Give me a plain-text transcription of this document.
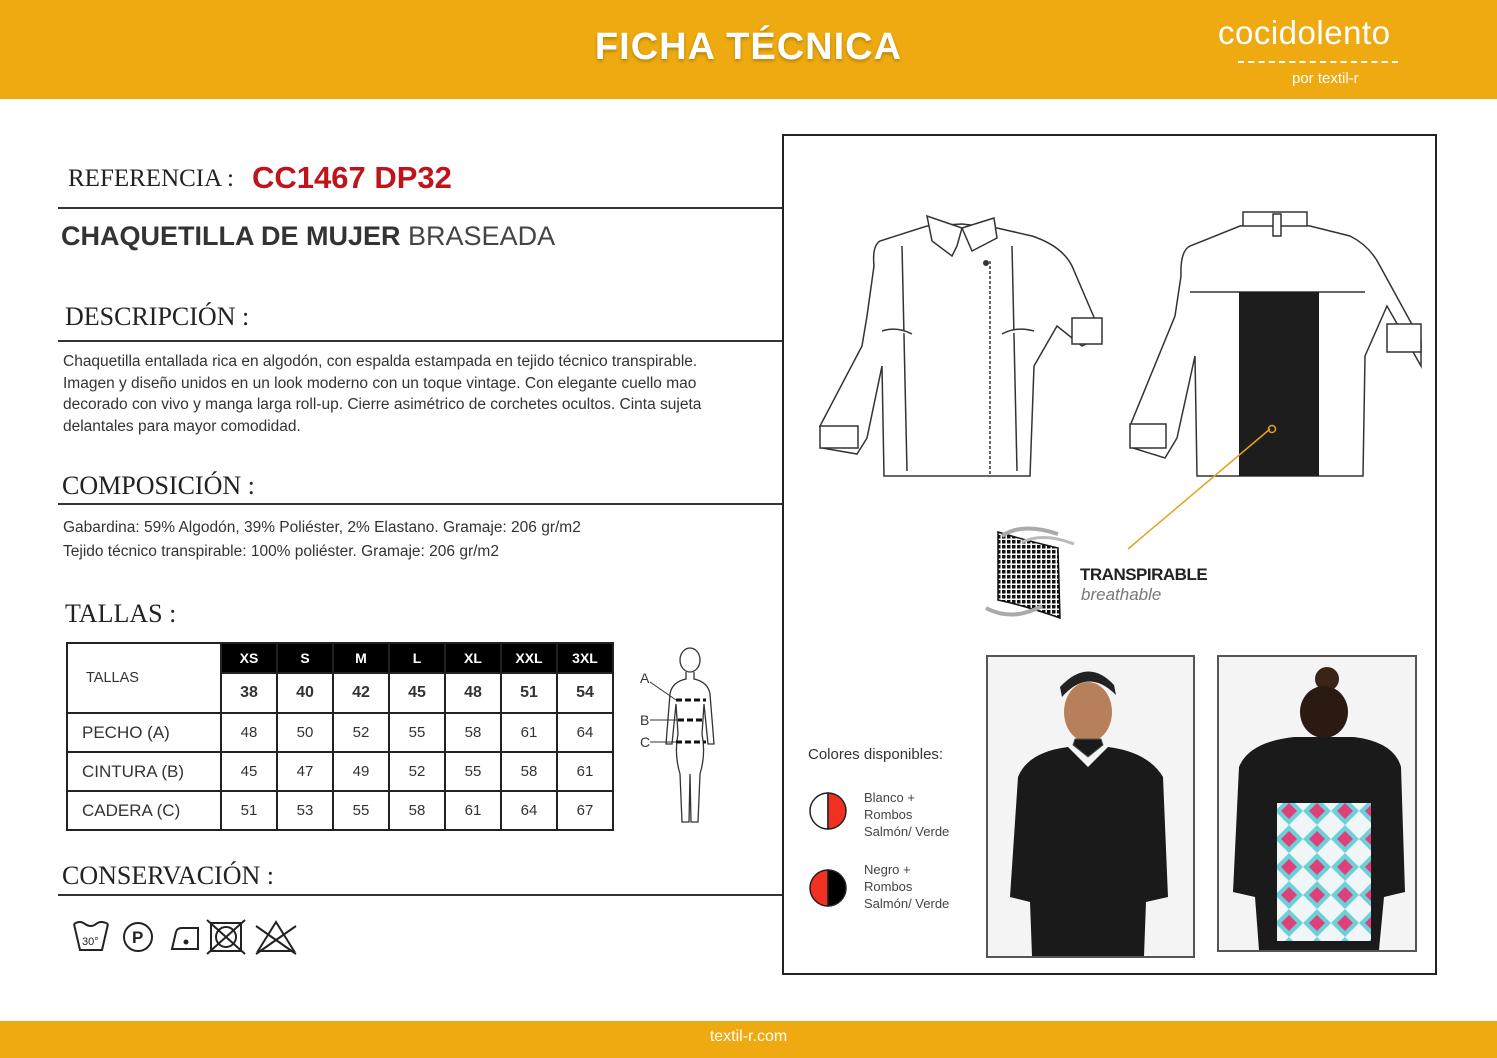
FICHA TÉCNICA	cocidolento
por textil-r
REFERENCIA : CC1467 DP32
CHAQUETILLA DE MUJER BRASEADA
DESCRIPCIÓN :
Chaquetilla entallada rica en algodón, con espalda estampada en tejido técnico transpirable.
Imagen y diseño unidos en un look moderno con un toque vintage. Con elegante cuello mao
decorado con vivo y manga larga roll-up. Cierre asimétrico de corchetes ocultos. Cinta sujeta
delantales para mayor comodidad.
COMPOSICIÓN :
Gabardina: 59% Algodón, 39% Poliéster, 2% Elastano. Gramaje: 206 gr/m2
Tejido técnico transpirable: 100% poliéster. Gramaje: 206 gr/m2
TALLAS :
TALLAS	XS	S	M	L	XL	XXL	3XL
	38	40	42	45	48	51	54
PECHO (A)	48	50	52	55	58	61	64
CINTURA (B)	45	47	49	52	55	58	61
CADERA (C)	51	53	55	58	61	64	67
A
B
C
CONSERVACIÓN :
30° P
TRANSPIRABLE
breathable
Colores disponibles:
Blanco +
Rombos
Salmón/ Verde
Negro +
Rombos
Salmón/ Verde
textil-r.com
